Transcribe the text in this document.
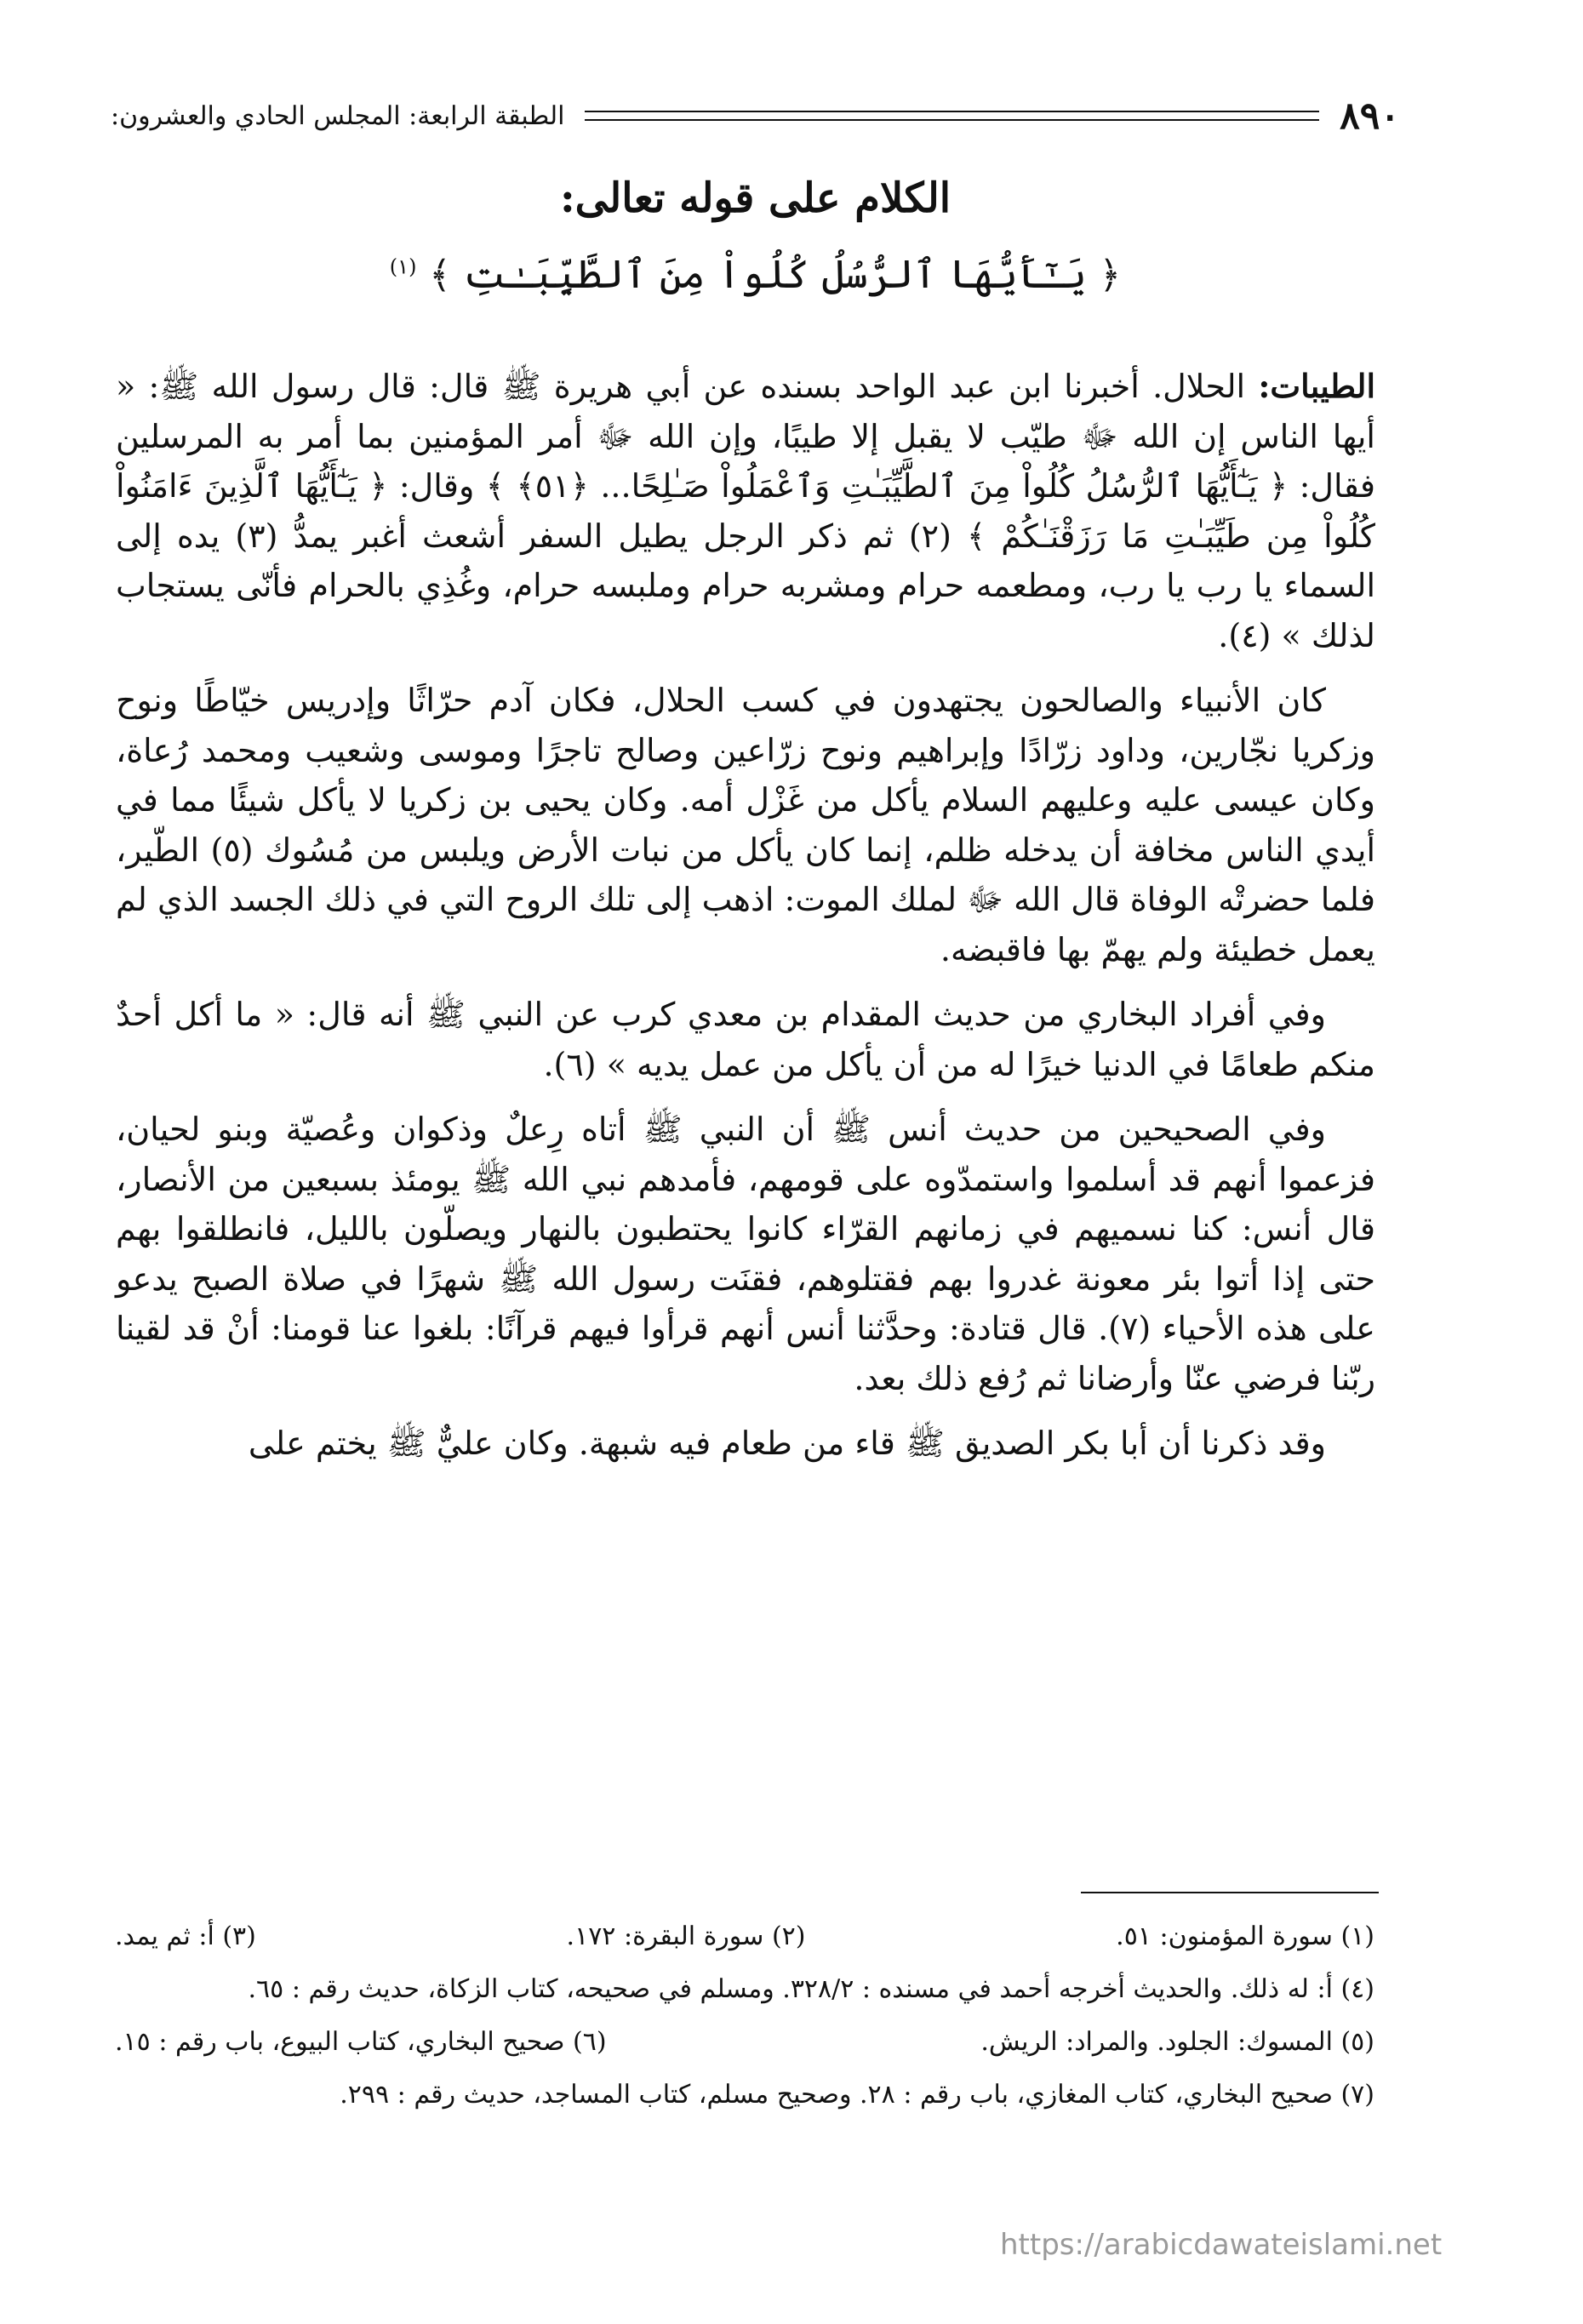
٨٩٠
الطبقة الرابعة: المجلس الحادي والعشرون:
الكلام على قوله تعالى:
﴿ يَـٰٓأَيُّهَا ٱلرُّسُلُ كُلُواْ مِنَ ٱلطَّيِّبَـٰتِ ﴾ $^{(١)}$

الطيبات: الحلال. أخبرنا ابن عبد الواحد بسنده عن أبي هريرة ﷺ قال: قال رسول الله ﷺ: « أيها الناس إن الله ﷻ طيّب لا يقبل إلا طيبًا، وإن الله ﷻ أمر المؤمنين بما أمر به المرسلين فقال: ﴿ يَـٰٓأَيُّهَا ٱلرُّسُلُ كُلُواْ مِنَ ٱلطَّيِّبَـٰتِ وَٱعْمَلُواْ صَـٰلِحًا... ﴿٥١﴾ ﴾ وقال: ﴿ يَـٰٓأَيُّهَا ٱلَّذِينَ ءَامَنُواْ كُلُواْ مِن طَيِّبَـٰتِ مَا رَزَقْنَـٰكُمْ ﴾ (٢) ثم ذكر الرجل يطيل السفر أشعث أغبر يمدُّ (٣) يده إلى السماء يا رب يا رب، ومطعمه حرام ومشربه حرام وملبسه حرام، وغُذِي بالحرام فأنّى يستجاب لذلك » (٤).

كان الأنبياء والصالحون يجتهدون في كسب الحلال، فكان آدم حرّاثًا وإدريس خيّاطًا ونوح وزكريا نجّارين، وداود زرّادًا وإبراهيم ونوح زرّاعين وصالح تاجرًا وموسى وشعيب ومحمد رُعاة، وكان عيسى عليه وعليهم السلام يأكل من غَزْل أمه. وكان يحيى بن زكريا لا يأكل شيئًا مما في أيدي الناس مخافة أن يدخله ظلم، إنما كان يأكل من نبات الأرض ويلبس من مُسُوك (٥) الطّير، فلما حضرتْه الوفاة قال الله ﷻ لملك الموت: اذهب إلى تلك الروح التي في ذلك الجسد الذي لم يعمل خطيئة ولم يهمّ بها فاقبضه.

وفي أفراد البخاري من حديث المقدام بن معدي كرب عن النبي ﷺ أنه قال: « ما أكل أحدٌ منكم طعامًا في الدنيا خيرًا له من أن يأكل من عمل يديه » (٦).

وفي الصحيحين من حديث أنس ﷺ أن النبي ﷺ أتاه رِعلٌ وذكوان وعُصيّة وبنو لحيان، فزعموا أنهم قد أسلموا واستمدّوه على قومهم، فأمدهم نبي الله ﷺ يومئذ بسبعين من الأنصار، قال أنس: كنا نسميهم في زمانهم القرّاء كانوا يحتطبون بالنهار ويصلّون بالليل، فانطلقوا بهم حتى إذا أتوا بئر معونة غدروا بهم فقتلوهم، فقنَت رسول الله ﷺ شهرًا في صلاة الصبح يدعو على هذه الأحياء (٧). قال قتادة: وحدَّثنا أنس أنهم قرأوا فيهم قرآنًا: بلغوا عنا قومنا: أنْ قد لقينا ربّنا فرضي عنّا وأرضانا ثم رُفع ذلك بعد.

وقد ذكرنا أن أبا بكر الصديق ﷺ قاء من طعام فيه شبهة. وكان عليٌّ ﷺ يختم على

(١) سورة المؤمنون: ٥١.
(٢) سورة البقرة: ١٧٢.
(٣) أ: ثم يمد.
(٤) أ: له ذلك. والحديث أخرجه أحمد في مسنده : ٣٢٨/٢. ومسلم في صحيحه، كتاب الزكاة، حديث رقم : ٦٥.
(٥) المسوك: الجلود. والمراد: الريش.
(٦) صحيح البخاري، كتاب البيوع، باب رقم : ١٥.
(٧) صحيح البخاري، كتاب المغازي، باب رقم : ٢٨. وصحيح مسلم، كتاب المساجد، حديث رقم : ٢٩٩.
https://arabicdawateislami.net
